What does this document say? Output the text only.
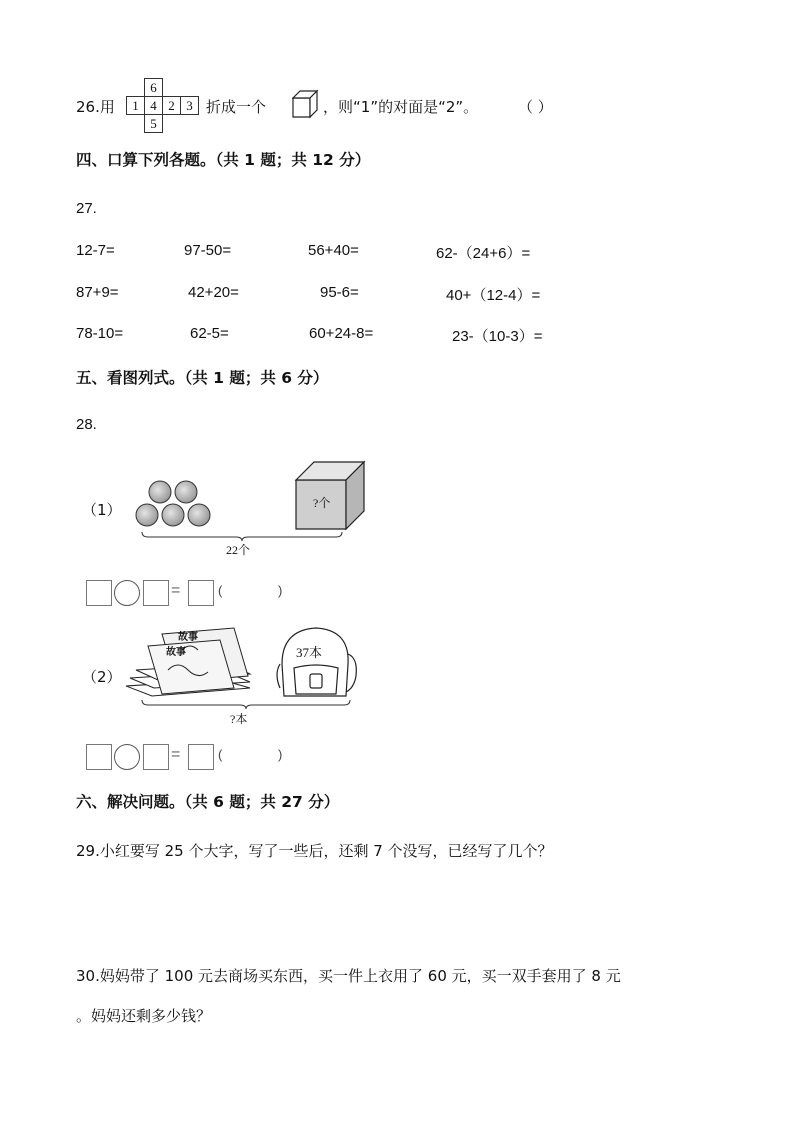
26.用
	6		
1	4	2	3
	5		
折成一个	，则“1”的对面是“2”。	（ ）
四、口算下列各题。（共 1 题；共 12 分）
27.
12-7=	97-50=	56+40=	62-（24+6）=
87+9=	42+20=	95-6=	40+（12-4）=
78-10=	62-5=	60+24-8=	23-（10-3）=
五、看图列式。（共 1 题；共 6 分）
28.
（1）	?个
22个
=	(	)
（2）
故事
故事	37本
?本
=	(	)
六、解决问题。（共 6 题；共 27 分）
29.小红要写 25 个大字，写了一些后，还剩 7 个没写，已经写了几个？
30.妈妈带了 100 元去商场买东西，买一件上衣用了 60 元，买一双手套用了 8 元
。妈妈还剩多少钱？
